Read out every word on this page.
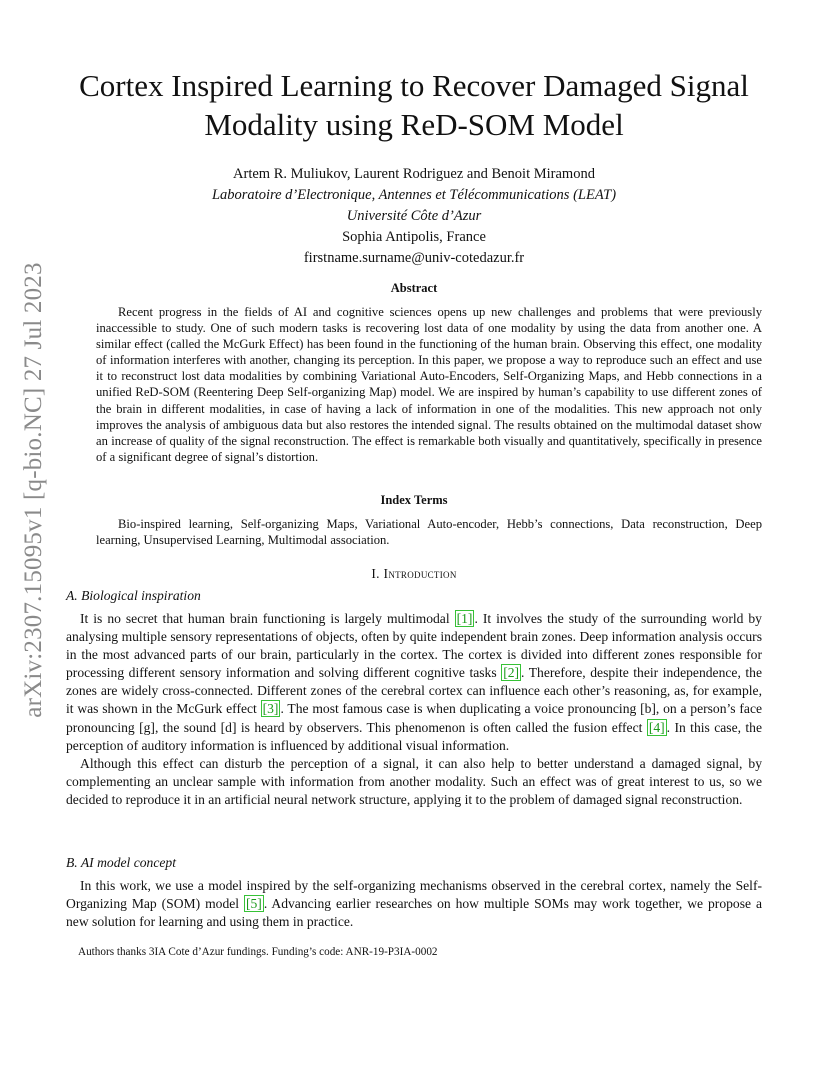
arXiv:2307.15095v1 [q-bio.NC] 27 Jul 2023
Cortex Inspired Learning to Recover Damaged Signal Modality using ReD-SOM Model
Artem R. Muliukov, Laurent Rodriguez and Benoit Miramond
Laboratoire d’Electronique, Antennes et Télécommunications (LEAT)
Université Côte d’Azur
Sophia Antipolis, France
firstname.surname@univ-cotedazur.fr
Abstract

Recent progress in the fields of AI and cognitive sciences opens up new challenges and problems that were previously inaccessible to study. One of such modern tasks is recovering lost data of one modality by using the data from another one. A similar effect (called the McGurk Effect) has been found in the functioning of the human brain. Observing this effect, one modality of information interferes with another, changing its perception. In this paper, we propose a way to reproduce such an effect and use it to reconstruct lost data modalities by combining Variational Auto-Encoders, Self-Organizing Maps, and Hebb connections in a unified ReD-SOM (Reentering Deep Self-organizing Map) model. We are inspired by human’s capability to use different zones of the brain in different modalities, in case of having a lack of information in one of the modalities. This new approach not only improves the analysis of ambiguous data but also restores the intended signal. The results obtained on the multimodal dataset show an increase of quality of the signal reconstruction. The effect is remarkable both visually and quantitatively, specifically in presence of a significant degree of signal’s distortion.

Index Terms

Bio-inspired learning, Self-organizing Maps, Variational Auto-encoder, Hebb’s connections, Data reconstruction, Deep learning, Unsupervised Learning, Multimodal association.

I. Introduction
A. Biological inspiration

It is no secret that human brain functioning is largely multimodal [1] . It involves the study of the surrounding world by analysing multiple sensory representations of objects, often by quite independent brain zones. Deep information analysis occurs in the most advanced parts of our brain, particularly in the cortex. The cortex is divided into different zones responsible for processing different sensory information and solving different cognitive tasks [2] . Therefore, despite their independence, the zones are widely cross-connected. Different zones of the cerebral cortex can influence each other’s reasoning, as, for example, it was shown in the McGurk effect [3] . The most famous case is when duplicating a voice pronouncing [b], on a person’s face pronouncing [g], the sound [d] is heard by observers. This phenomenon is often called the fusion effect [4] . In this case, the perception of auditory information is influenced by additional visual information.

Although this effect can disturb the perception of a signal, it can also help to better understand a damaged signal, by complementing an unclear sample with information from another modality. Such an effect was of great interest to us, so we decided to reproduce it in an artificial neural network structure, applying it to the problem of damaged signal reconstruction.

B. AI model concept

In this work, we use a model inspired by the self-organizing mechanisms observed in the cerebral cortex, namely the Self-Organizing Map (SOM) model [5] . Advancing earlier researches on how multiple SOMs may work together, we propose a new solution for learning and using them in practice.

Authors thanks 3IA Cote d’Azur fundings. Funding’s code: ANR-19-P3IA-0002
